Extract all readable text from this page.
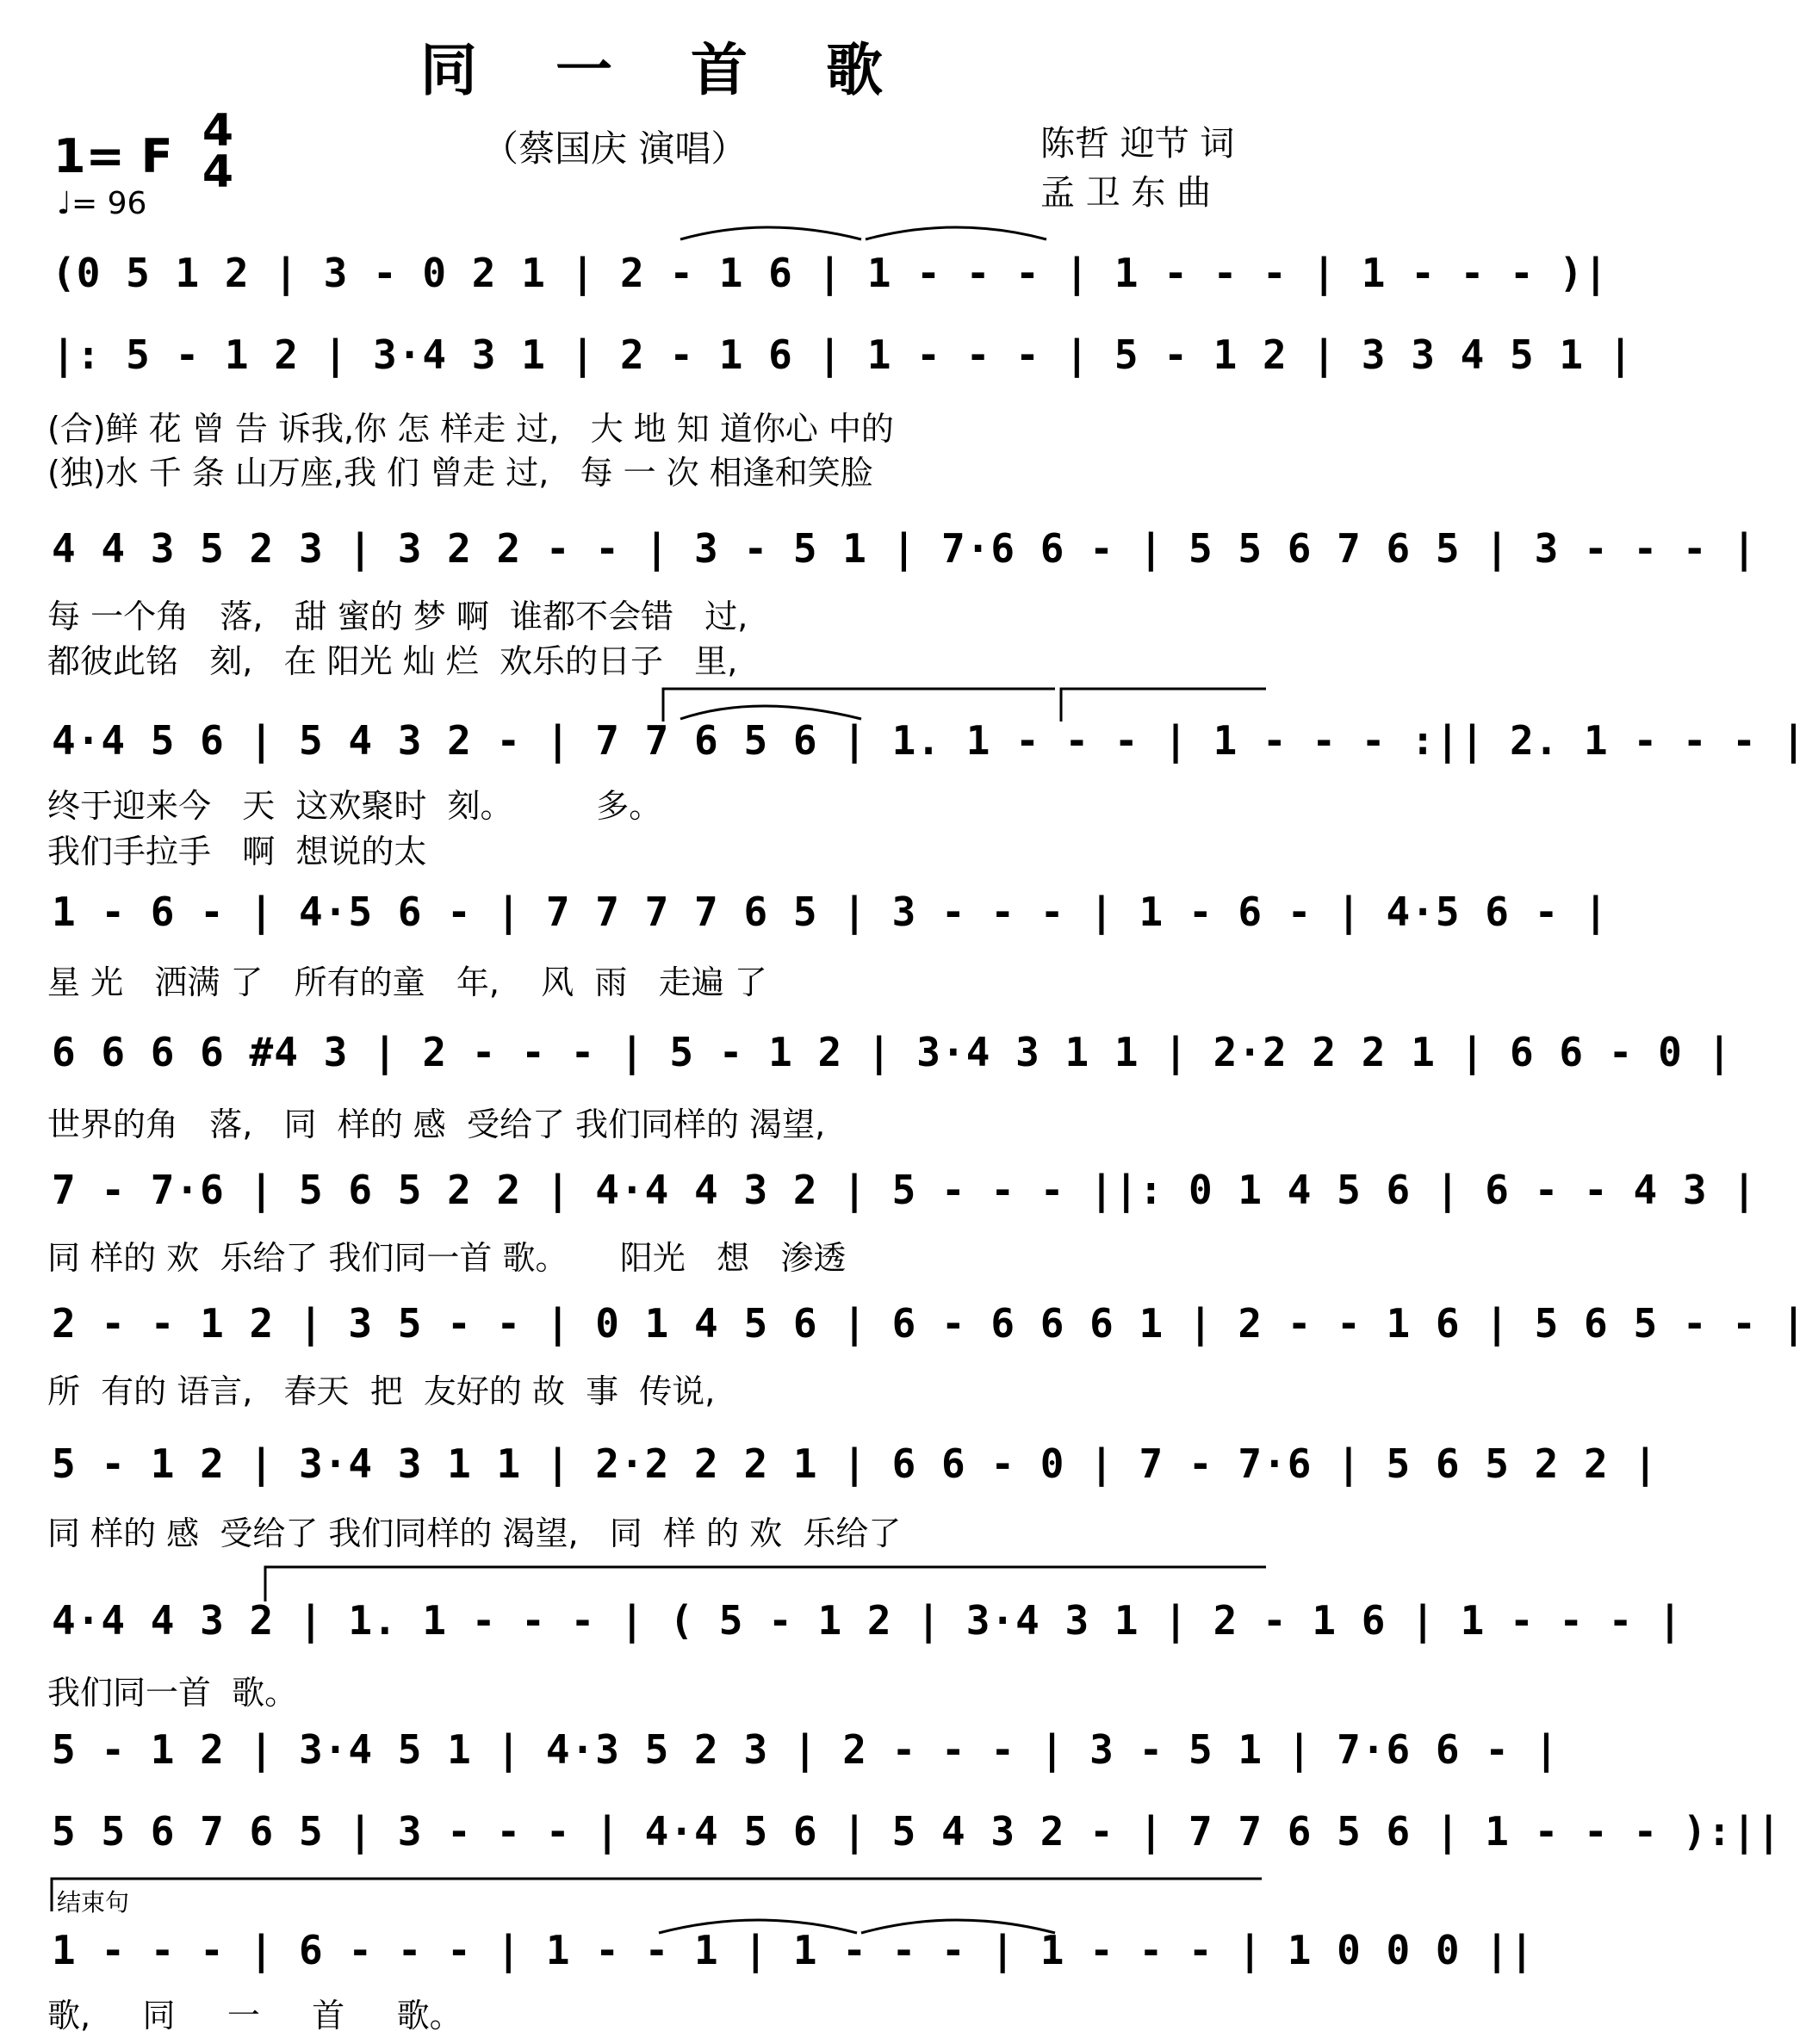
同 一 首 歌
（蔡国庆 演唱）	陈哲 迎节 词
孟 卫 东 曲
1= F 4
4
♩= 96
(0 5 1 2 | 3 - 0 2 1 | 2 - 1 6 | 1 - - - | 1 - - - | 1 - - - )|
|: 5 - 1 2 | 3·4 3 1 | 2 - 1 6 | 1 - - - | 5 - 1 2 | 3 3 4 5 1 |
(合)鲜 花 曾 告 诉我,你 怎 样走 过,   大 地 知 道你心 中的
(独)水 千 条 山万座,我 们 曾走 过,   每 一 次 相逢和笑脸
4 4 3 5 2 3 | 3 2 2 - - | 3 - 5 1 | 7·6 6 - | 5 5 6 7 6 5 | 3 - - - |
每 一个角   落,   甜 蜜的 梦 啊  谁都不会错   过,
都彼此铭   刻,   在 阳光 灿 烂  欢乐的日子   里,
4·4 5 6 | 5 4 3 2 - | 7 7 6 5 6 | 1. 1 - - - | 1 - - - :|| 2. 1 - - - |
终于迎来今   天  这欢聚时  刻。        多。
我们手拉手   啊  想说的太
1 - 6 - | 4·5 6 - | 7 7 7 7 6 5 | 3 - - - | 1 - 6 - | 4·5 6 - |
星 光   洒满 了   所有的童   年,    风  雨   走遍 了
6 6 6 6 #4 3 | 2 - - - | 5 - 1 2 | 3·4 3 1 1 | 2·2 2 2 1 | 6 6 - 0 |
世界的角   落,   同  样的 感  受给了 我们同样的 渴望,
7 - 7·6 | 5 6 5 2 2 | 4·4 4 3 2 | 5 - - - ||: 0 1 4 5 6 | 6 - - 4 3 |
同 样的 欢  乐给了 我们同一首 歌。     阳光   想   渗透
2 - - 1 2 | 3 5 - - | 0 1 4 5 6 | 6 - 6 6 6 1 | 2 - - 1 6 | 5 6 5 - - |
所  有的 语言,   春天  把  友好的 故  事  传说,
5 - 1 2 | 3·4 3 1 1 | 2·2 2 2 1 | 6 6 - 0 | 7 - 7·6 | 5 6 5 2 2 |
同 样的 感  受给了 我们同样的 渴望,   同  样 的 欢  乐给了
4·4 4 3 2 | 1. 1 - - - | ( 5 - 1 2 | 3·4 3 1 | 2 - 1 6 | 1 - - - |
我们同一首  歌。
5 - 1 2 | 3·4 5 1 | 4·3 5 2 3 | 2 - - - | 3 - 5 1 | 7·6 6 - |
5 5 6 7 6 5 | 3 - - - | 4·4 5 6 | 5 4 3 2 - | 7 7 6 5 6 | 1 - - - ):||
结束句
1 - - - | 6 - - - | 1 - - 1 | 1 - - - | 1 - - - | 1 0 0 0 ||
歌,     同     一     首     歌。
